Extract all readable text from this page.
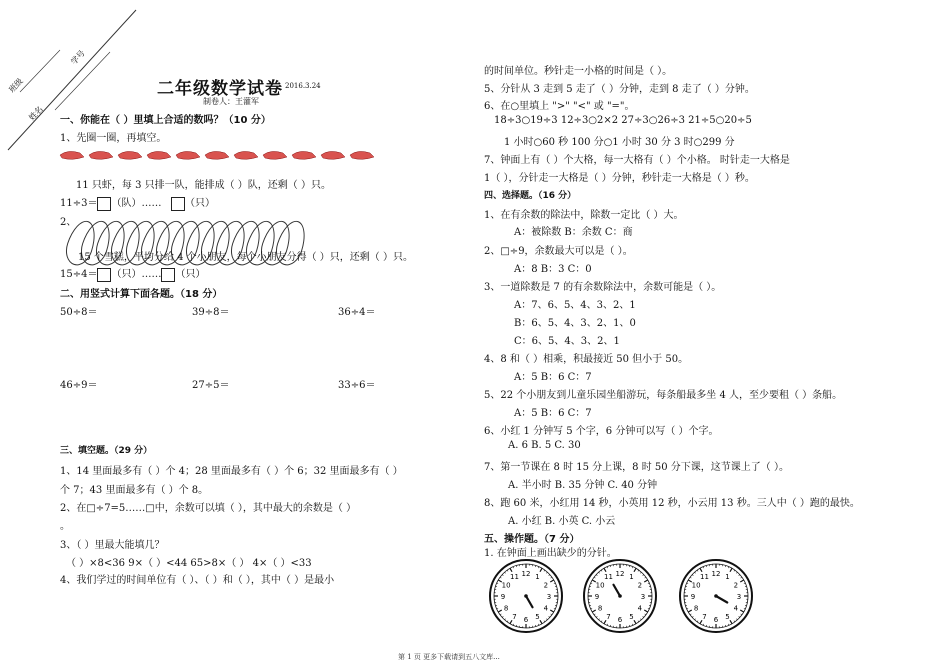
班级
学号
姓名
二年级数学试卷 2016.3.24
制卷人：王灌军
一、你能在（ ）里填上合适的数吗？（10 分）
1、先圈一圈，再填空。
11 只虾，每 3 只排一队，能排成（ ）队，还剩（ ）只。
11÷3＝ （队）…… （只）
2、
15 个雪糕，平均分给 4 个小朋友，每个小朋友分得（ ）只，还剩（ ）只。
15÷4＝ （只）…… （只）
二、用竖式计算下面各题。（18 分）
50÷8＝	39÷8＝	36÷4＝
46÷9＝	27÷5＝	33÷6＝
三、填空题。（29 分）
1、14 里面最多有（ ）个 4；28 里面最多有（ ）个 6；32 里面最多有（ ）
个 7；43 里面最多有（ ）个 8。
2、在□÷7=5……□中，余数可以填（ ），其中最大的余数是（ ）
。
3、（ ）里最大能填几？
（ ）×8<36 9×（ ）<44 65>8×（ ） 4×（ ）<33
4、我们学过的时间单位有（ ）、（ ）和（ ），其中（ ）是最小
的时间单位。秒针走一小格的时间是（ ）。
5、分针从 3 走到 5 走了（ ）分钟，走到 8 走了（ ）分钟。
6、在○里填上 ">" "<" 或 "="。
18÷3○19÷3 12÷3○2×2 27÷3○26÷3 21÷5○20÷5
1 小时○60 秒 100 分○1 小时 30 分 3 时○299 分
7、钟面上有（ ）个大格，每一大格有（ ）个小格。 时针走一大格是
1（ ），分针走一大格是（ ）分钟，秒针走一大格是（ ）秒。
四、选择题。（16 分）
1、在有余数的除法中，除数一定比（ ）大。
A：被除数 B：余数 C：商
2、□÷9，余数最大可以是（ ）。
A：8 B：3 C：0
3、一道除数是 7 的有余数除法中，余数可能是（ ）。
A：7、6、5、4、3、2、1
B：6、5、4、3、2、1、0
C：6、5、4、3、2、1
4、8 和（ ）相乘，积最接近 50 但小于 50。
A：5 B：6 C：7
5、22 个小朋友到儿童乐园坐船游玩，每条船最多坐 4 人，至少要租（ ）条船。
A：5 B：6 C：7
6、小红 1 分钟写 5 个字，6 分钟可以写（ ）个字。
A. 6 B. 5 C. 30
7、第一节课在 8 时 15 分上课，8 时 50 分下课，这节课上了（ ）。
A. 半小时 B. 35 分钟 C. 40 分钟
8、跑 60 米，小红用 14 秒，小英用 12 秒，小云用 13 秒。三人中（ ）跑的最快。
A. 小红 B. 小英 C. 小云
五、操作题。（7 分）
1. 在钟面上画出缺少的分针。
12 1
2
3
4
5
6
7
8
9
10
11	12 1
2
3
4
5
6
7
8
9
10
11	12 1
2
3
4
5
6
7
8
9
10
11
第 1 页 更多下载请到五八文库...
